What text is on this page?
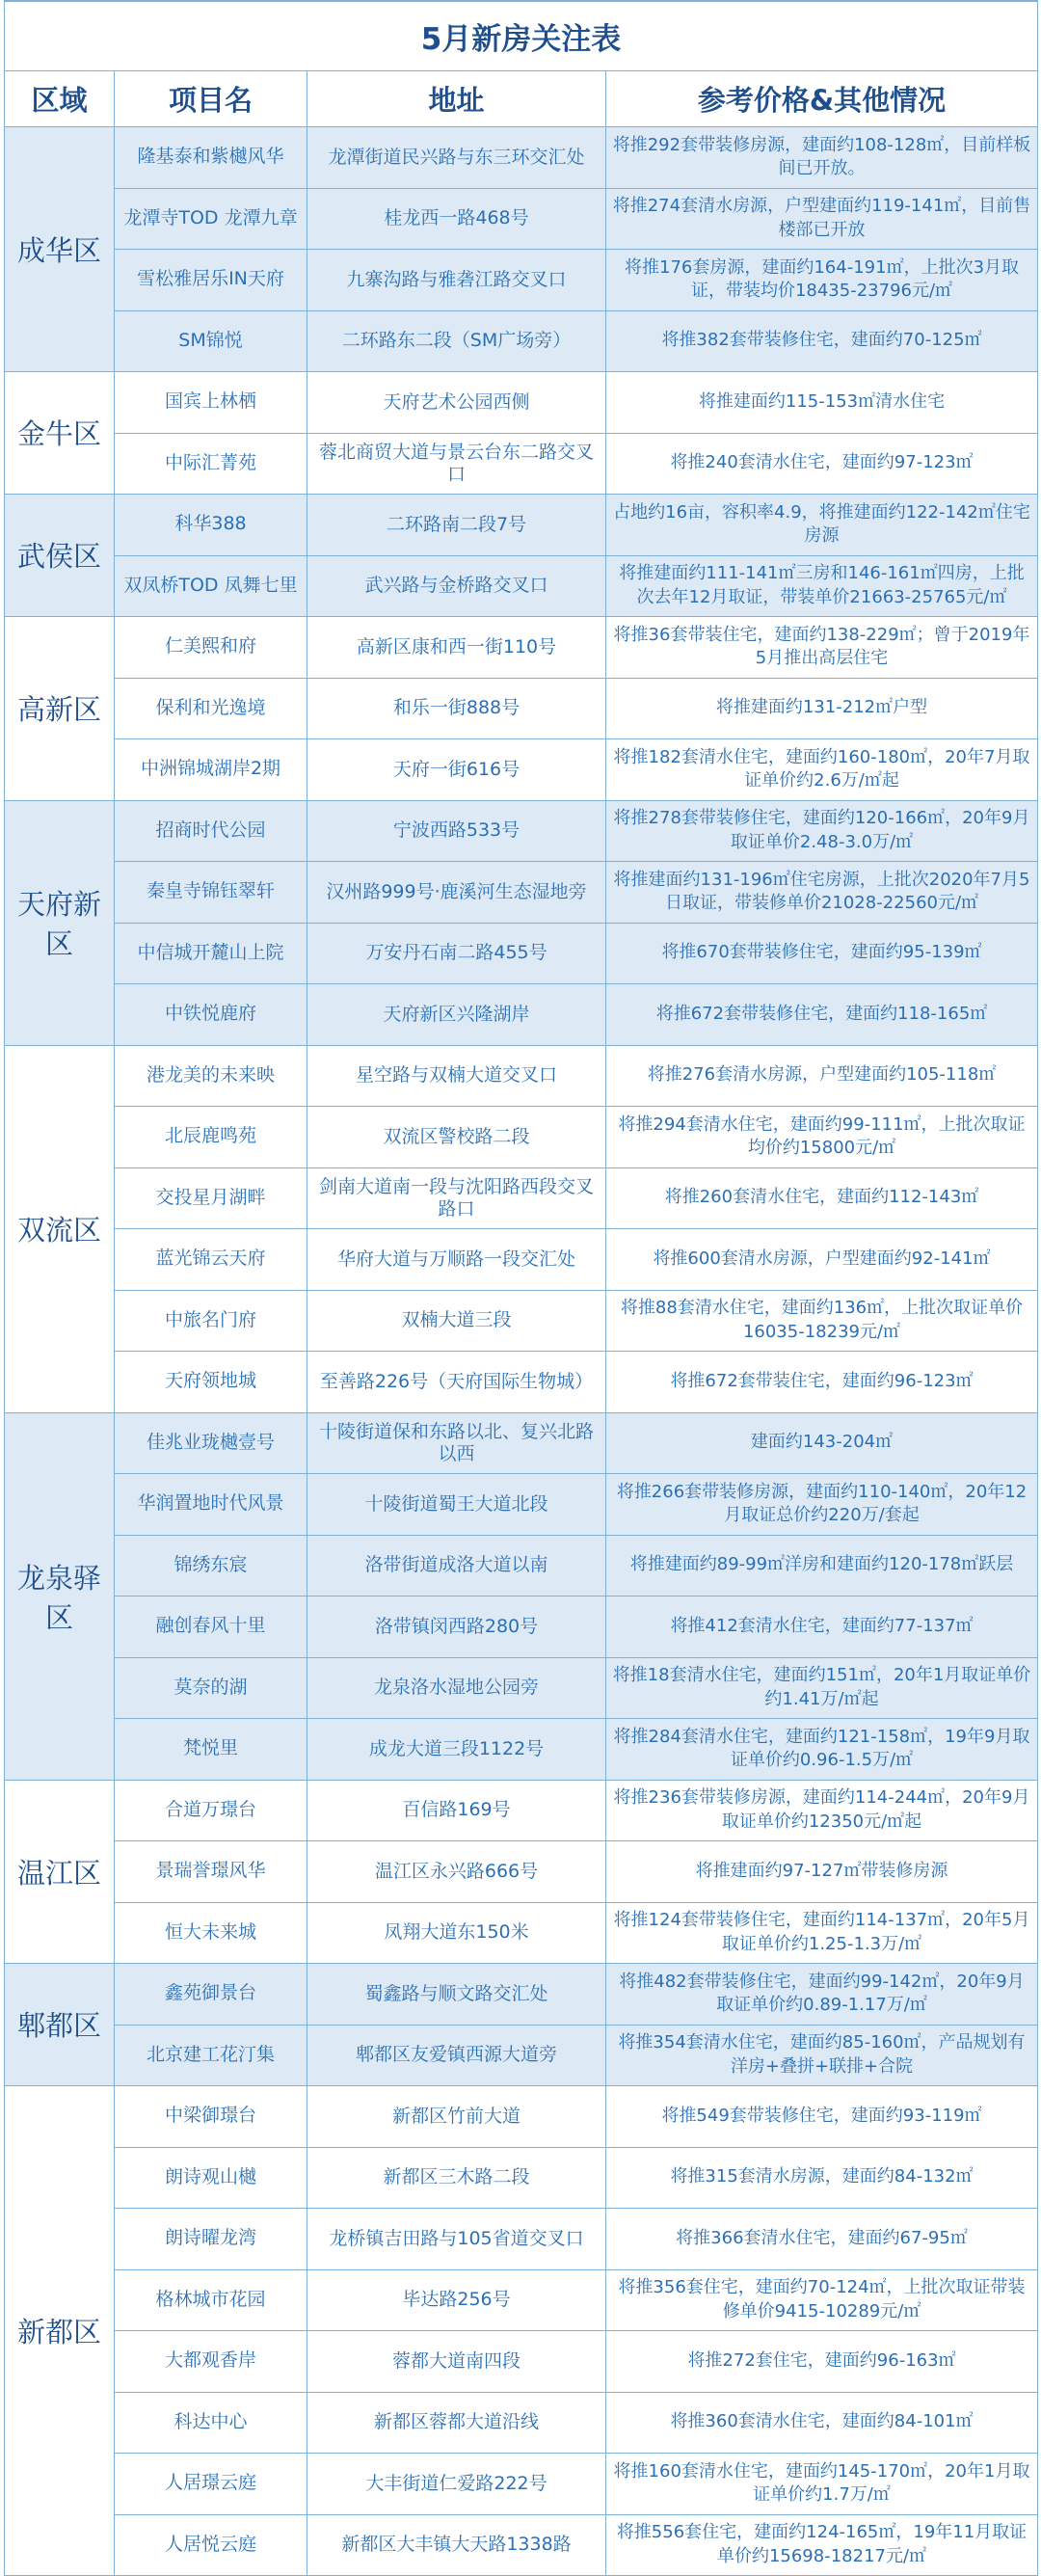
5月新房关注表			
区域	项目名	地址	参考价格&其他情况
成华区	隆基泰和紫樾风华	龙潭街道民兴路与东三环交汇处	将推292套带装修房源，建面约108-128㎡，目前样板间已开放。
	龙潭寺TOD 龙潭九章	桂龙西一路468号	将推274套清水房源，户型建面约119-141㎡，目前售楼部已开放
	雪松雅居乐IN天府	九寨沟路与雅砻江路交叉口	将推176套房源，建面约164-191㎡，上批次3月取证，带装均价18435-23796元/㎡
	SM锦悦	二环路东二段（SM广场旁）	将推382套带装修住宅，建面约70-125㎡
金牛区	国宾上林栖	天府艺术公园西侧	将推建面约115-153㎡清水住宅
	中际汇菁苑	蓉北商贸大道与景云台东二路交叉口	将推240套清水住宅，建面约97-123㎡
武侯区	科华388	二环路南二段7号	占地约16亩，容积率4.9，将推建面约122-142㎡住宅房源
	双凤桥TOD 凤舞七里	武兴路与金桥路交叉口	将推建面约111-141㎡三房和146-161㎡四房，上批次去年12月取证，带装单价21663-25765元/㎡
高新区	仁美熙和府	高新区康和西一街110号	将推36套带装住宅，建面约138-229㎡；曾于2019年5月推出高层住宅
	保利和光逸境	和乐一街888号	将推建面约131-212㎡户型
	中洲锦城湖岸2期	天府一街616号	将推182套清水住宅，建面约160-180㎡，20年7月取证单价约2.6万/㎡起
天府新区	招商时代公园	宁波西路533号	将推278套带装修住宅，建面约120-166㎡，20年9月取证单价2.48-3.0万/㎡
	秦皇寺锦钰翠轩	汉州路999号·鹿溪河生态湿地旁	将推建面约131-196㎡住宅房源，上批次2020年7月5日取证，带装修单价21028-22560元/㎡
	中信城开麓山上院	万安丹石南二路455号	将推670套带装修住宅，建面约95-139㎡
	中铁悦鹿府	天府新区兴隆湖岸	将推672套带装修住宅，建面约118-165㎡
双流区	港龙美的未来映	星空路与双楠大道交叉口	将推276套清水房源，户型建面约105-118㎡
	北辰鹿鸣苑	双流区警校路二段	将推294套清水住宅，建面约99-111㎡，上批次取证均价约15800元/㎡
	交投星月湖畔	剑南大道南一段与沈阳路西段交叉路口	将推260套清水住宅，建面约112-143㎡
	蓝光锦云天府	华府大道与万顺路一段交汇处	将推600套清水房源，户型建面约92-141㎡
	中旅名门府	双楠大道三段	将推88套清水住宅，建面约136㎡，上批次取证单价16035-18239元/㎡
	天府领地城	至善路226号（天府国际生物城）	将推672套带装住宅，建面约96-123㎡
龙泉驿区	佳兆业珑樾壹号	十陵街道保和东路以北、复兴北路以西	建面约143-204㎡
	华润置地时代风景	十陵街道蜀王大道北段	将推266套带装修房源，建面约110-140㎡，20年12月取证总价约220万/套起
	锦绣东宸	洛带街道成洛大道以南	将推建面约89-99㎡洋房和建面约120-178㎡跃层
	融创春风十里	洛带镇闵西路280号	将推412套清水住宅，建面约77-137㎡
	莫奈的湖	龙泉洛水湿地公园旁	将推18套清水住宅，建面约151㎡，20年1月取证单价约1.41万/㎡起
	梵悦里	成龙大道三段1122号	将推284套清水住宅，建面约121-158㎡，19年9月取证单价约0.96-1.5万/㎡
温江区	合道万璟台	百信路169号	将推236套带装修房源，建面约114-244㎡，20年9月取证单价约12350元/㎡起
	景瑞誉璟风华	温江区永兴路666号	将推建面约97-127㎡带装修房源
	恒大未来城	凤翔大道东150米	将推124套带装修住宅，建面约114-137㎡，20年5月取证单价约1.25-1.3万/㎡
郫都区	鑫苑御景台	蜀鑫路与顺文路交汇处	将推482套带装修住宅，建面约99-142㎡，20年9月取证单价约0.89-1.17万/㎡
	北京建工花汀集	郫都区友爱镇西源大道旁	将推354套清水住宅，建面约85-160㎡，产品规划有洋房+叠拼+联排+合院
新都区	中梁御璟台	新都区竹前大道	将推549套带装修住宅，建面约93-119㎡
	朗诗观山樾	新都区三木路二段	将推315套清水房源，建面约84-132㎡
	朗诗曜龙湾	龙桥镇吉田路与105省道交叉口	将推366套清水住宅，建面约67-95㎡
	格林城市花园	毕达路256号	将推356套住宅，建面约70-124㎡，上批次取证带装修单价9415-10289元/㎡
	大都观香岸	蓉都大道南四段	将推272套住宅，建面约96-163㎡
	科达中心	新都区蓉都大道沿线	将推360套清水住宅，建面约84-101㎡
	人居璟云庭	大丰街道仁爱路222号	将推160套清水住宅，建面约145-170㎡，20年1月取证单价约1.7万/㎡
	人居悦云庭	新都区大丰镇大天路1338路	将推556套住宅，建面约124-165㎡，19年11月取证单价约15698-18217元/㎡
